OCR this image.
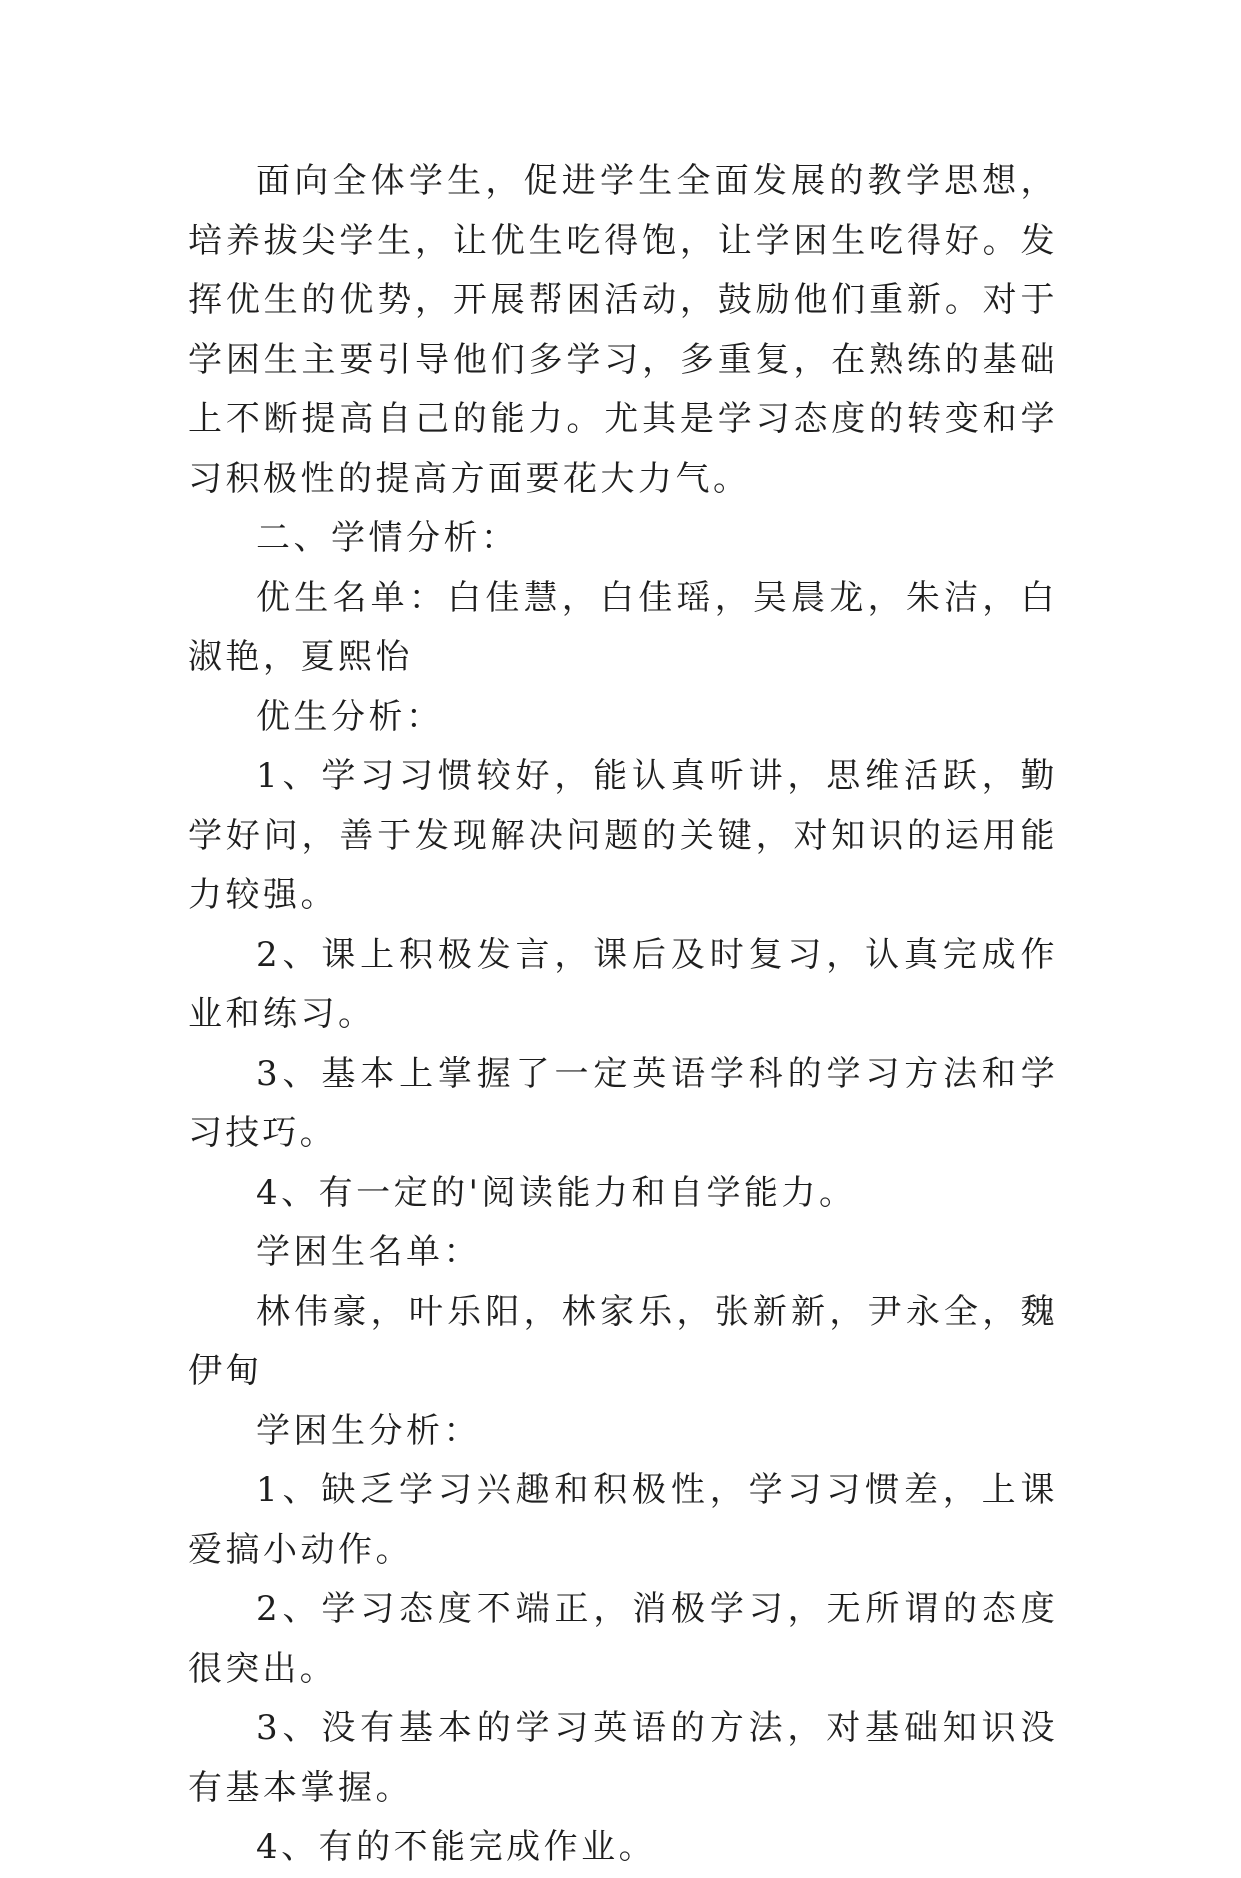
面向全体学生，促进学生全面发展的教学思想，培养拔尖学生，让优生吃得饱，让学困生吃得好。发挥优生的优势，开展帮困活动，鼓励他们重新。对于学困生主要引导他们多学习，多重复，在熟练的基础上不断提高自己的能力。尤其是学习态度的转变和学习积极性的提高方面要花大力气。

二、学情分析：

优生名单：白佳慧，白佳瑶，吴晨龙，朱洁，白淑艳，夏熙怡

优生分析：

1、学习习惯较好，能认真听讲，思维活跃，勤学好问，善于发现解决问题的关键，对知识的运用能力较强。

2、课上积极发言，课后及时复习，认真完成作业和练习。

3、基本上掌握了一定英语学科的学习方法和学习技巧。

4、有一定的'阅读能力和自学能力。

学困生名单：

林伟豪，叶乐阳，林家乐，张新新，尹永全，魏伊甸

学困生分析：

1、缺乏学习兴趣和积极性，学习习惯差，上课爱搞小动作。

2、学习态度不端正，消极学习，无所谓的态度很突出。

3、没有基本的学习英语的方法，对基础知识没有基本掌握。

4、有的不能完成作业。
